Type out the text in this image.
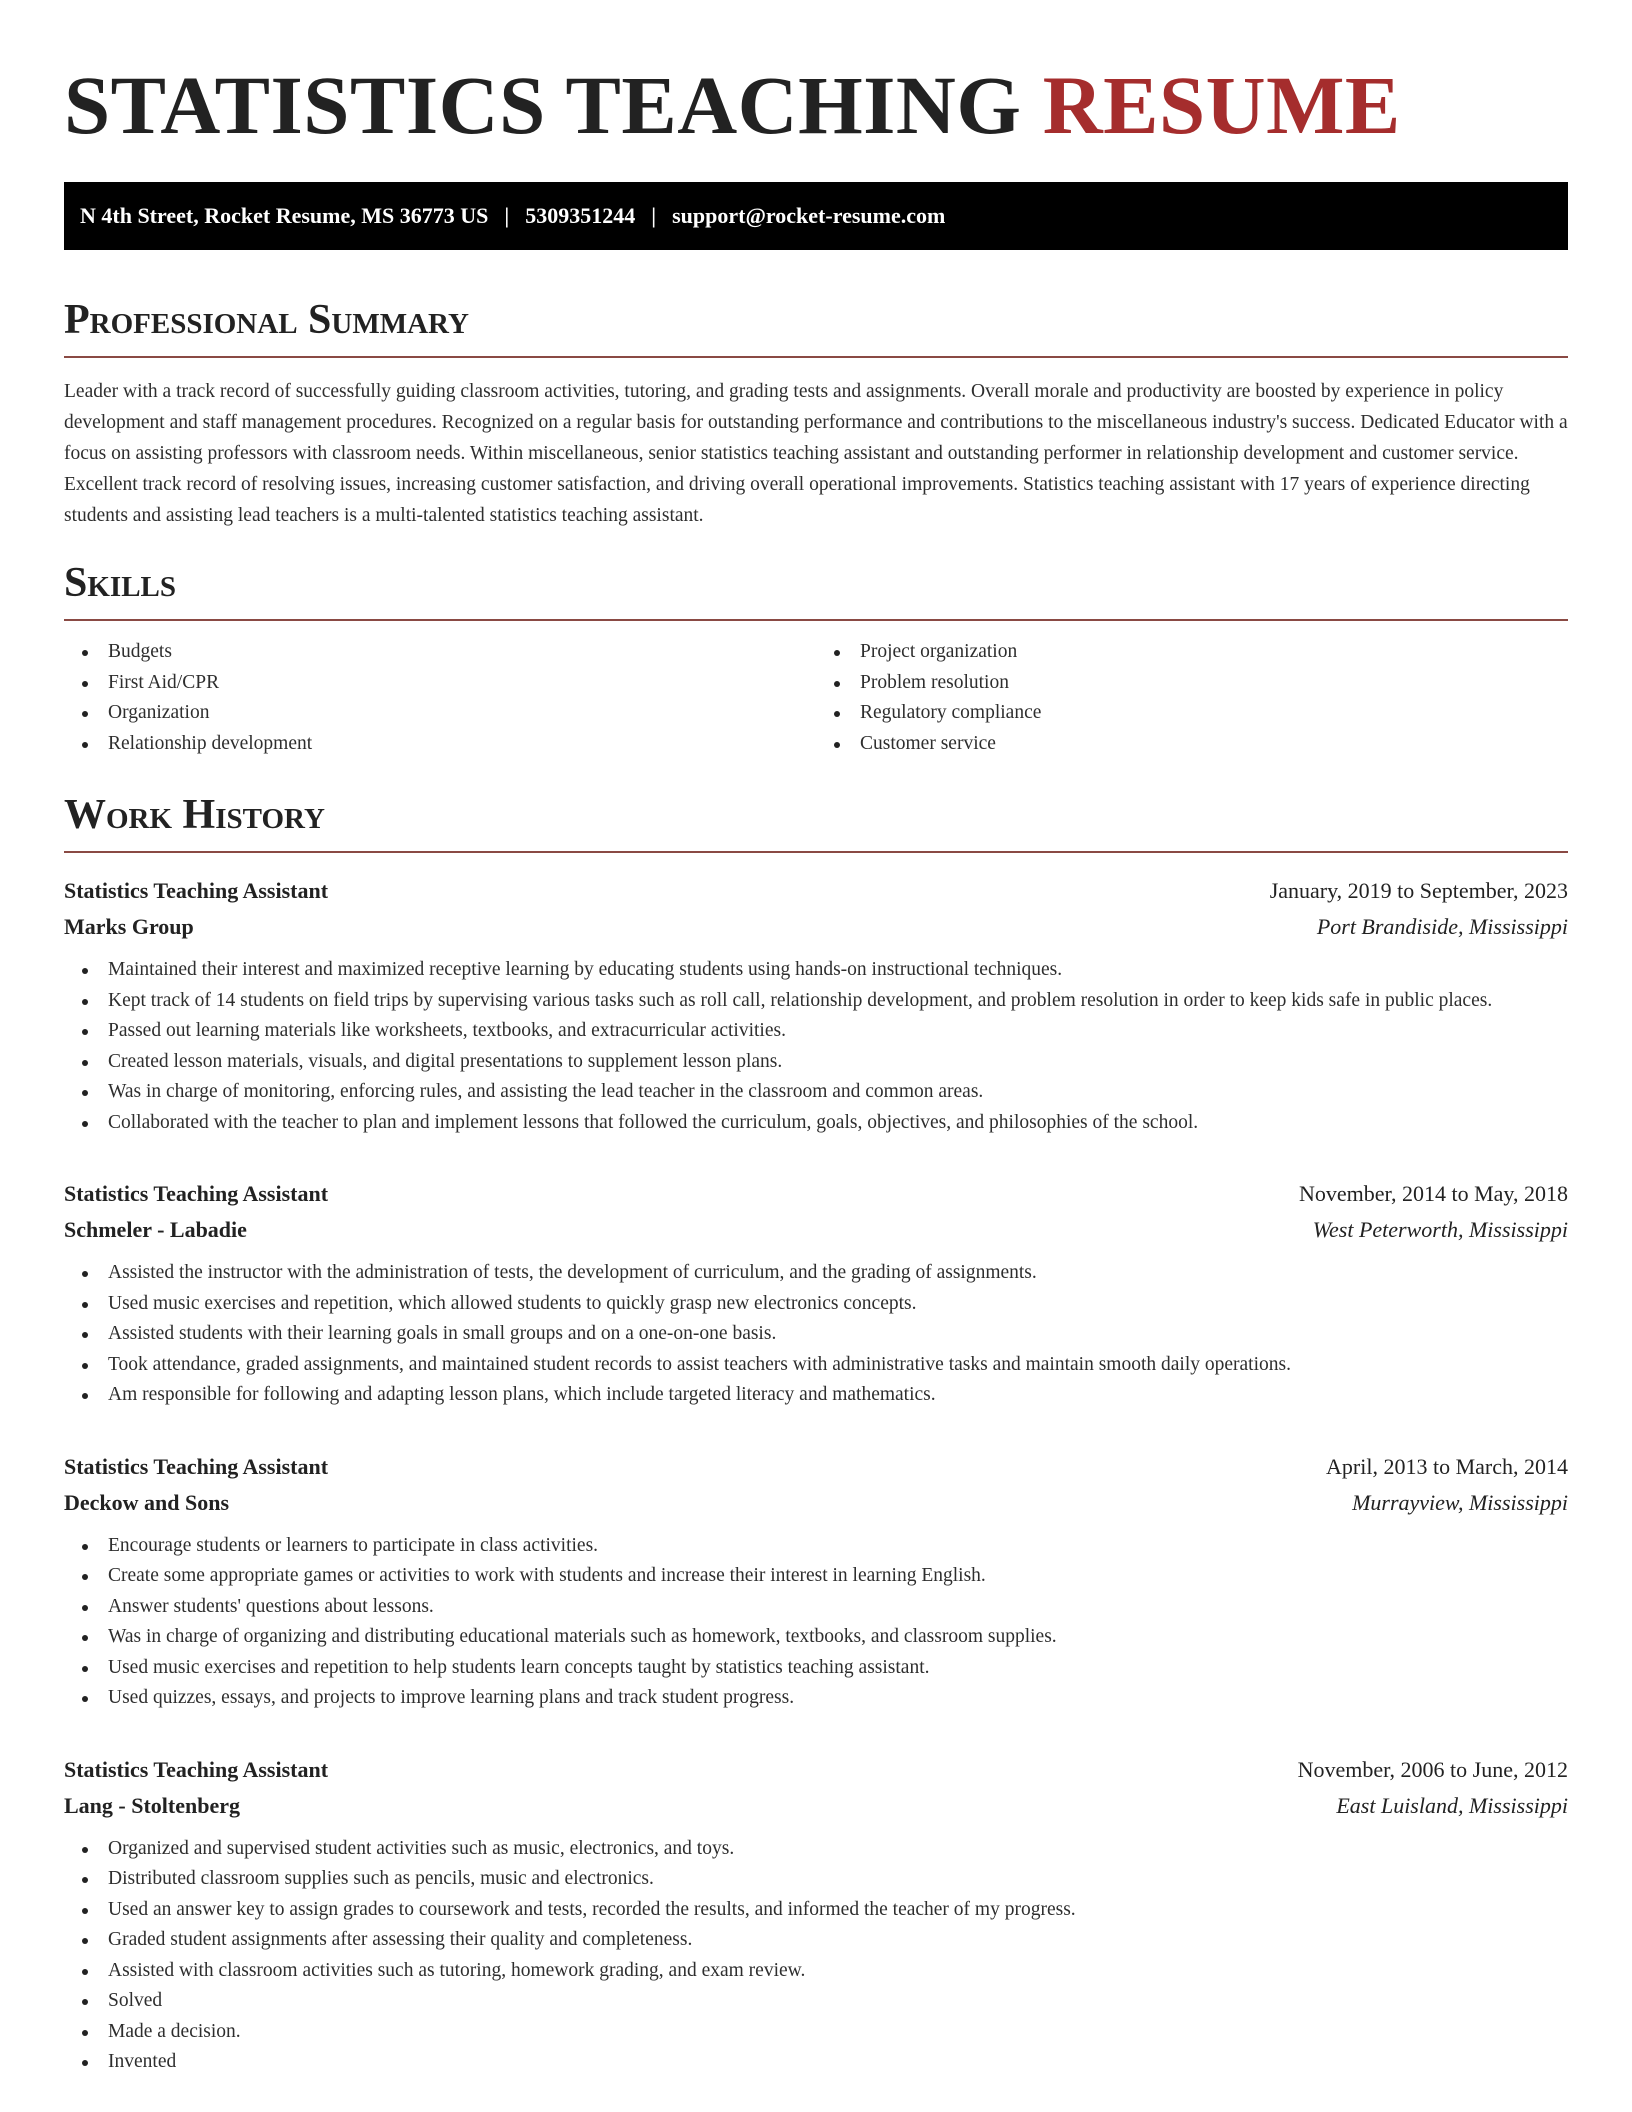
STATISTICS TEACHING RESUME
N 4th Street, Rocket Resume, MS 36773 US | 5309351244 | support@rocket-resume.com
Professional Summary

Leader with a track record of successfully guiding classroom activities, tutoring, and grading tests and assignments. Overall morale and productivity are boosted by experience in policy development and staff management procedures. Recognized on a regular basis for outstanding performance and contributions to the miscellaneous industry's success. Dedicated Educator with a focus on assisting professors with classroom needs. Within miscellaneous, senior statistics teaching assistant and outstanding performer in relationship development and customer service. Excellent track record of resolving issues, increasing customer satisfaction, and driving overall operational improvements. Statistics teaching assistant with 17 years of experience directing students and assisting lead teachers is a multi-talented statistics teaching assistant.

Skills
Budgets
First Aid/CPR
Organization
Relationship development
Project organization
Problem resolution
Regulatory compliance
Customer service
Work History
Statistics Teaching Assistant	January, 2019 to September, 2023
Marks Group	Port Brandiside, Mississippi
Maintained their interest and maximized receptive learning by educating students using hands-on instructional techniques.
Kept track of 14 students on field trips by supervising various tasks such as roll call, relationship development, and problem resolution in order to keep kids safe in public places.
Passed out learning materials like worksheets, textbooks, and extracurricular activities.
Created lesson materials, visuals, and digital presentations to supplement lesson plans.
Was in charge of monitoring, enforcing rules, and assisting the lead teacher in the classroom and common areas.
Collaborated with the teacher to plan and implement lessons that followed the curriculum, goals, objectives, and philosophies of the school.
Statistics Teaching Assistant	November, 2014 to May, 2018
Schmeler - Labadie	West Peterworth, Mississippi
Assisted the instructor with the administration of tests, the development of curriculum, and the grading of assignments.
Used music exercises and repetition, which allowed students to quickly grasp new electronics concepts.
Assisted students with their learning goals in small groups and on a one-on-one basis.
Took attendance, graded assignments, and maintained student records to assist teachers with administrative tasks and maintain smooth daily operations.
Am responsible for following and adapting lesson plans, which include targeted literacy and mathematics.
Statistics Teaching Assistant	April, 2013 to March, 2014
Deckow and Sons	Murrayview, Mississippi
Encourage students or learners to participate in class activities.
Create some appropriate games or activities to work with students and increase their interest in learning English.
Answer students' questions about lessons.
Was in charge of organizing and distributing educational materials such as homework, textbooks, and classroom supplies.
Used music exercises and repetition to help students learn concepts taught by statistics teaching assistant.
Used quizzes, essays, and projects to improve learning plans and track student progress.
Statistics Teaching Assistant	November, 2006 to June, 2012
Lang - Stoltenberg	East Luisland, Mississippi
Organized and supervised student activities such as music, electronics, and toys.
Distributed classroom supplies such as pencils, music and electronics.
Used an answer key to assign grades to coursework and tests, recorded the results, and informed the teacher of my progress.
Graded student assignments after assessing their quality and completeness.
Assisted with classroom activities such as tutoring, homework grading, and exam review.
Solved
Made a decision.
Invented
